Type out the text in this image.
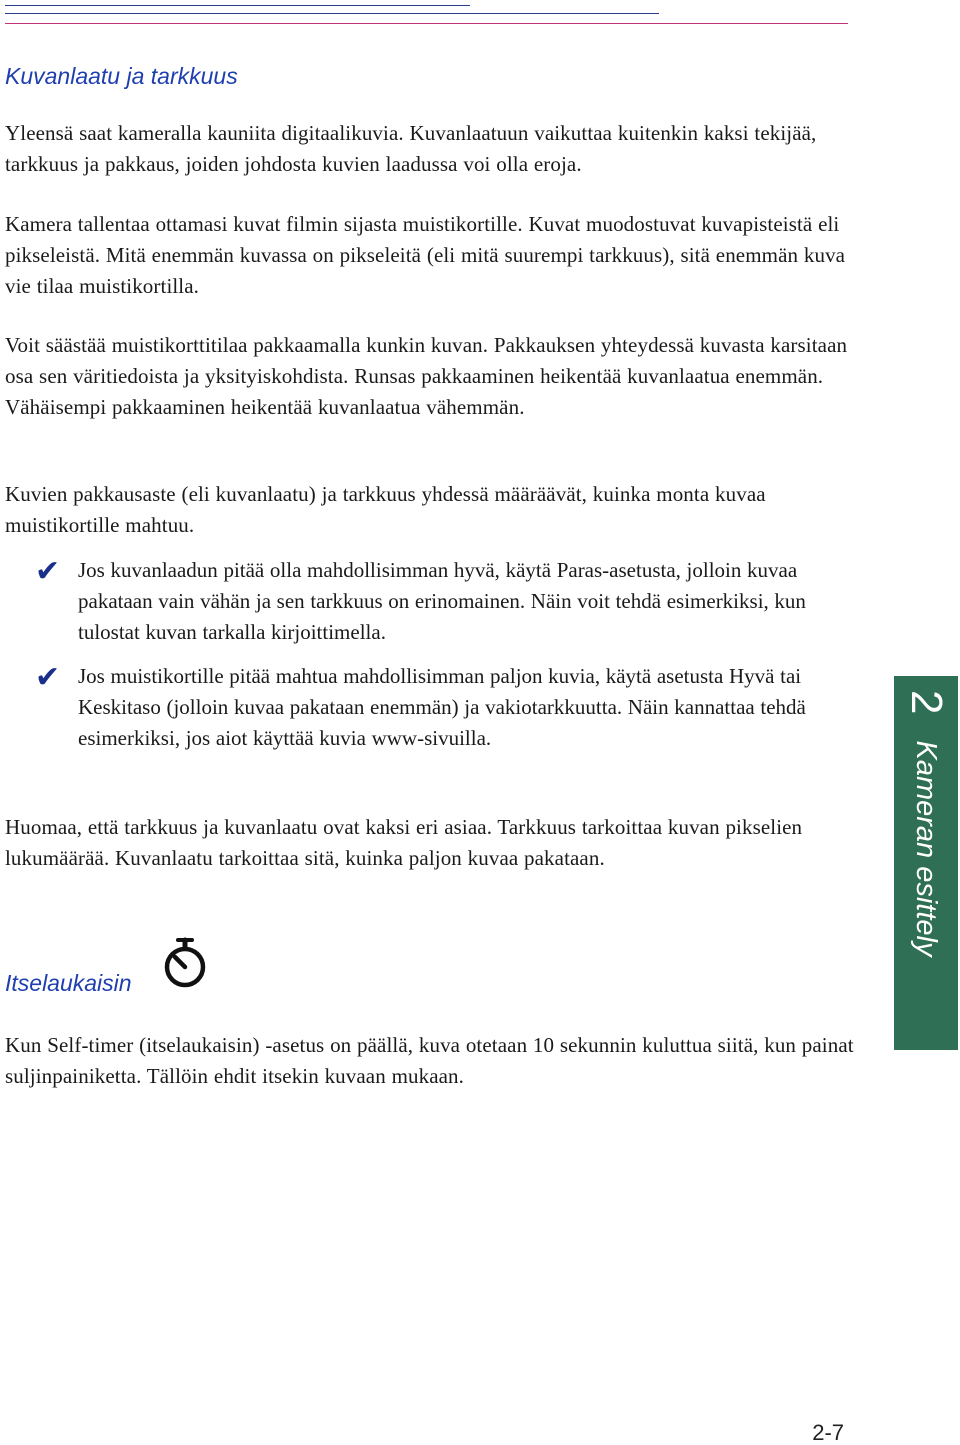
Kuvanlaatu ja tarkkuus

Yleensä saat kameralla kauniita digitaalikuvia. Kuvanlaatuun vaikuttaa kuitenkin kaksi tekijää, tarkkuus ja pakkaus, joiden johdosta kuvien laadussa voi olla eroja.

Kamera tallentaa ottamasi kuvat filmin sijasta muistikortille. Kuvat muodostuvat kuvapisteistä eli pikseleistä. Mitä enemmän kuvassa on pikseleitä (eli mitä suurempi tarkkuus), sitä enemmän kuva vie tilaa muistikortilla.

Voit säästää muistikorttitilaa pakkaamalla kunkin kuvan. Pakkauksen yhteydessä kuvasta karsitaan osa sen väritiedoista ja yksityiskohdista. Runsas pakkaaminen heikentää kuvanlaatua enemmän. Vähäisempi pakkaaminen heikentää kuvanlaatua vähemmän.

Kuvien pakkausaste (eli kuvanlaatu) ja tarkkuus yhdessä määräävät, kuinka monta kuvaa muistikortille mahtuu.

✔ Jos kuvanlaadun pitää olla mahdollisimman hyvä, käytä Paras-asetusta, jolloin kuvaa pakataan vain vähän ja sen tarkkuus on erinomainen. Näin voit tehdä esimerkiksi, kun tulostat kuvan tarkalla kirjoittimella.

✔ Jos muistikortille pitää mahtua mahdollisimman paljon kuvia, käytä asetusta Hyvä tai Keskitaso (jolloin kuvaa pakataan enemmän) ja vakiotarkkuutta. Näin kannattaa tehdä esimerkiksi, jos aiot käyttää kuvia www-sivuilla.

Huomaa, että tarkkuus ja kuvanlaatu ovat kaksi eri asiaa. Tarkkuus tarkoittaa kuvan pikselien lukumäärää. Kuvanlaatu tarkoittaa sitä, kuinka paljon kuvaa pakataan.

Itselaukaisin

Kun Self-timer (itselaukaisin) -asetus on päällä, kuva otetaan 10 sekunnin kuluttua siitä, kun painat suljinpainiketta. Tällöin ehdit itsekin kuvaan mukaan.

2
Kameran esittely

2-7
